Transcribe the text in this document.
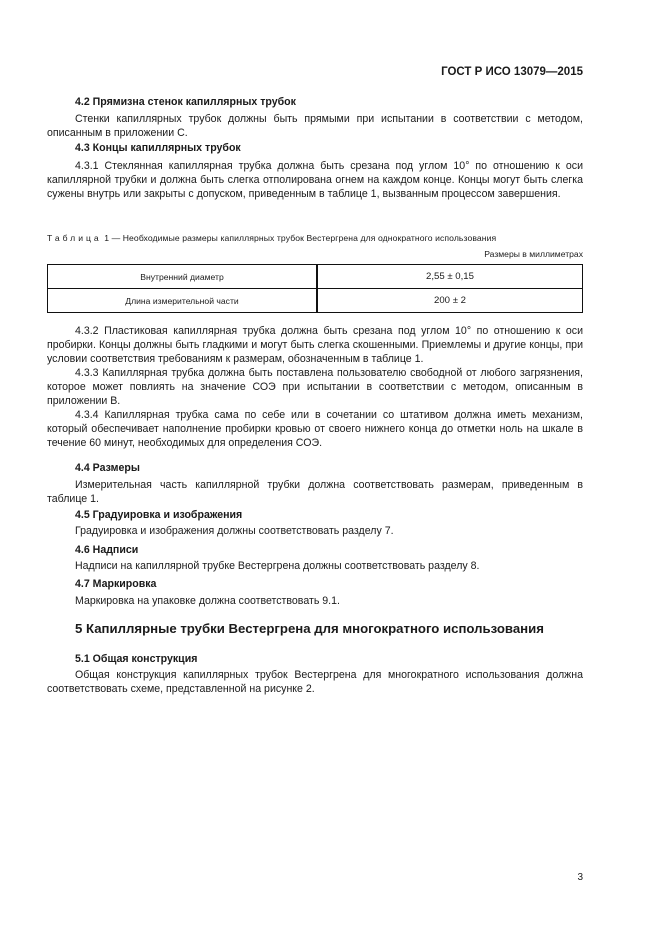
ГОСТ Р ИСО 13079—2015
4.2 Прямизна стенок капиллярных трубок
Стенки капиллярных трубок должны быть прямыми при испытании в соответствии с методом, описанным в приложении С.
4.3 Концы капиллярных трубок
4.3.1 Стеклянная капиллярная трубка должна быть срезана под углом 10° по отношению к оси капиллярной трубки и должна быть слегка отполирована огнем на каждом конце. Концы могут быть слегка сужены внутрь или закрыты с допуском, приведенным в таблице 1, вызванным процессом завершения.
Таблица 1 — Необходимые размеры капиллярных трубок Вестергрена для однократного использования
Размеры в миллиметрах
Внутренний диаметр	2,55 ± 0,15
Длина измерительной части	200 ± 2
4.3.2 Пластиковая капиллярная трубка должна быть срезана под углом 10° по отношению к оси пробирки. Концы должны быть гладкими и могут быть слегка скошенными. Приемлемы и другие концы, при условии соответствия требованиям к размерам, обозначенным в таблице 1.
4.3.3 Капиллярная трубка должна быть поставлена пользователю свободной от любого загрязнения, которое может повлиять на значение СОЭ при испытании в соответствии с методом, описанным в приложении В.
4.3.4 Капиллярная трубка сама по себе или в сочетании со штативом должна иметь механизм, который обеспечивает наполнение пробирки кровью от своего нижнего конца до отметки ноль на шкале в течение 60 минут, необходимых для определения СОЭ.
4.4 Размеры
Измерительная часть капиллярной трубки должна соответствовать размерам, приведенным в таблице 1.
4.5 Градуировка и изображения
Градуировка и изображения должны соответствовать разделу 7.
4.6 Надписи
Надписи на капиллярной трубке Вестергрена должны соответствовать разделу 8.
4.7 Маркировка
Маркировка на упаковке должна соответствовать 9.1.
5 Капиллярные трубки Вестергрена для многократного использования
5.1 Общая конструкция
Общая конструкция капиллярных трубок Вестергрена для многократного использования должна соответствовать схеме, представленной на рисунке 2.
3
